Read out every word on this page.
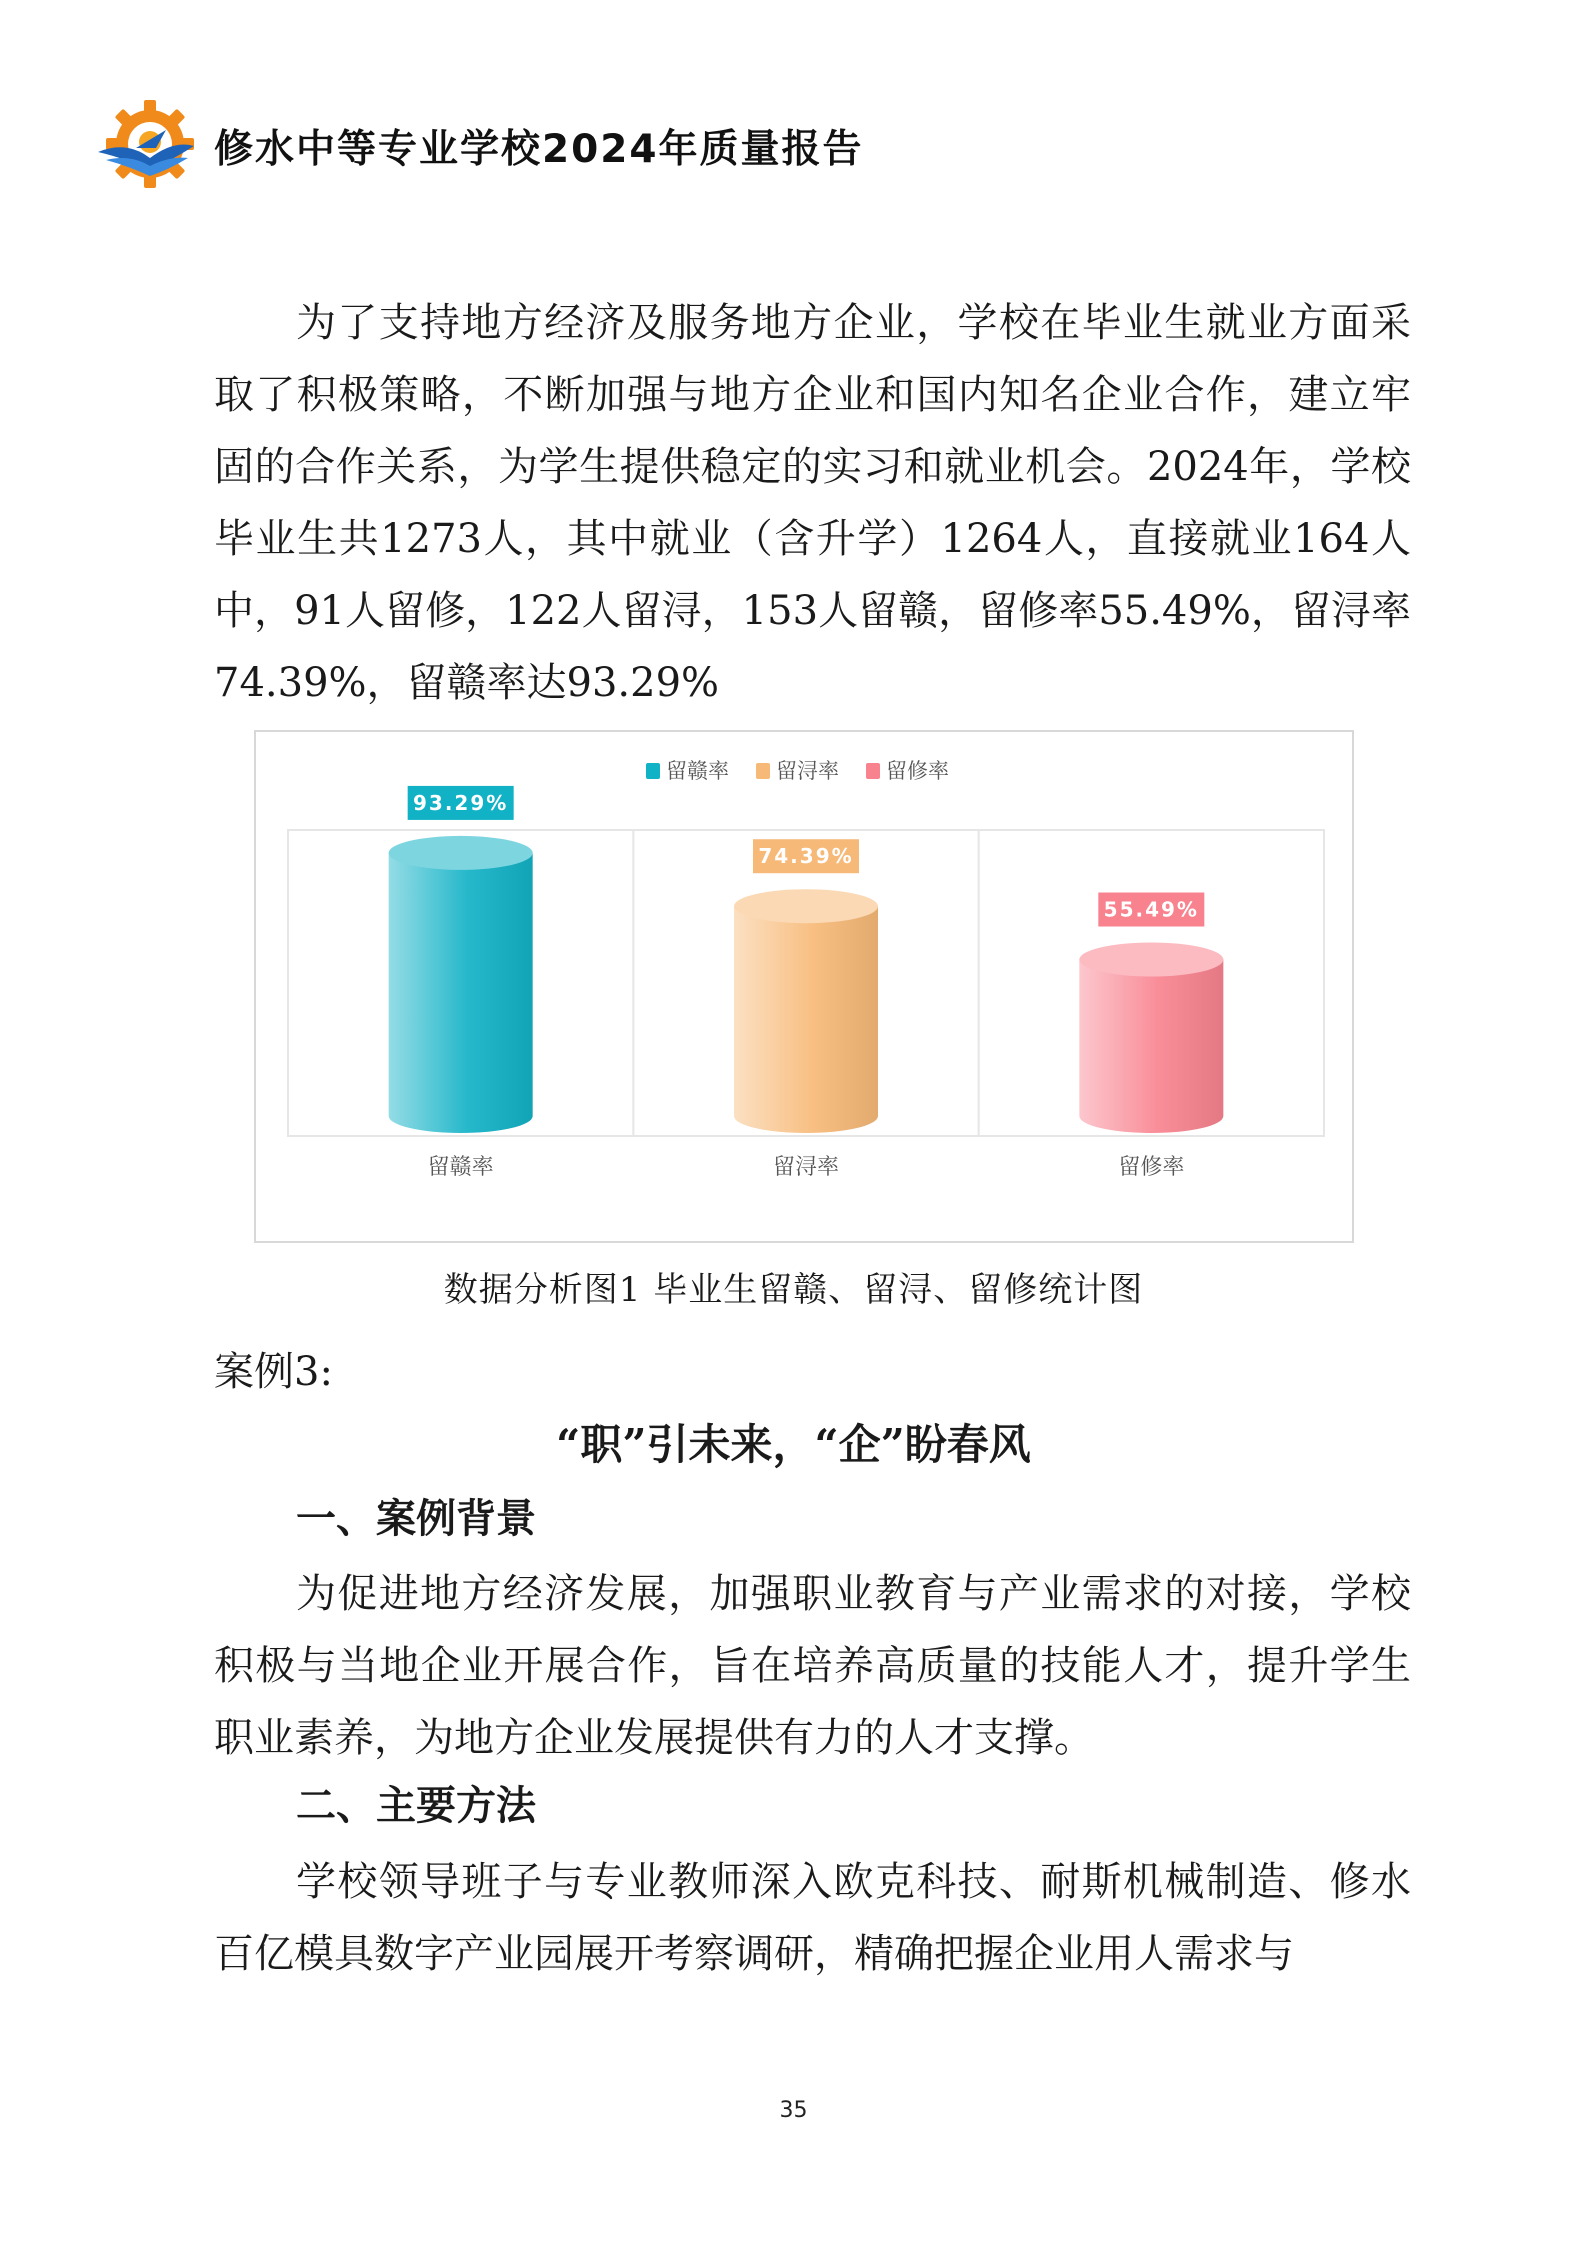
修水中等专业学校2024年质量报告

为了支持地方经济及服务地方企业，学校在毕业生就业方面采取了积极策略，不断加强与地方企业和国内知名企业合作，建立牢固的合作关系，为学生提供稳定的实习和就业机会。2024年，学校毕业生共1273人，其中就业（含升学）1264人，直接就业164人中，91人留修，122人留浔，153人留赣，留修率55.49%，留浔率74.39%，留赣率达93.29%

留赣率 留浔率 留修率
93.29%
留赣率
74.39%
留浔率
55.49%
留修率
数据分析图1 毕业生留赣、留浔、留修统计图
案例3:
“职”引未来，“企”盼春风
一、案例背景

为促进地方经济发展，加强职业教育与产业需求的对接，学校积极与当地企业开展合作，旨在培养高质量的技能人才，提升学生职业素养，为地方企业发展提供有力的人才支撑。

二、主要方法

学校领导班子与专业教师深入欧克科技、耐斯机械制造、修水百亿模具数字产业园展开考察调研，精确把握企业用人需求与

35
